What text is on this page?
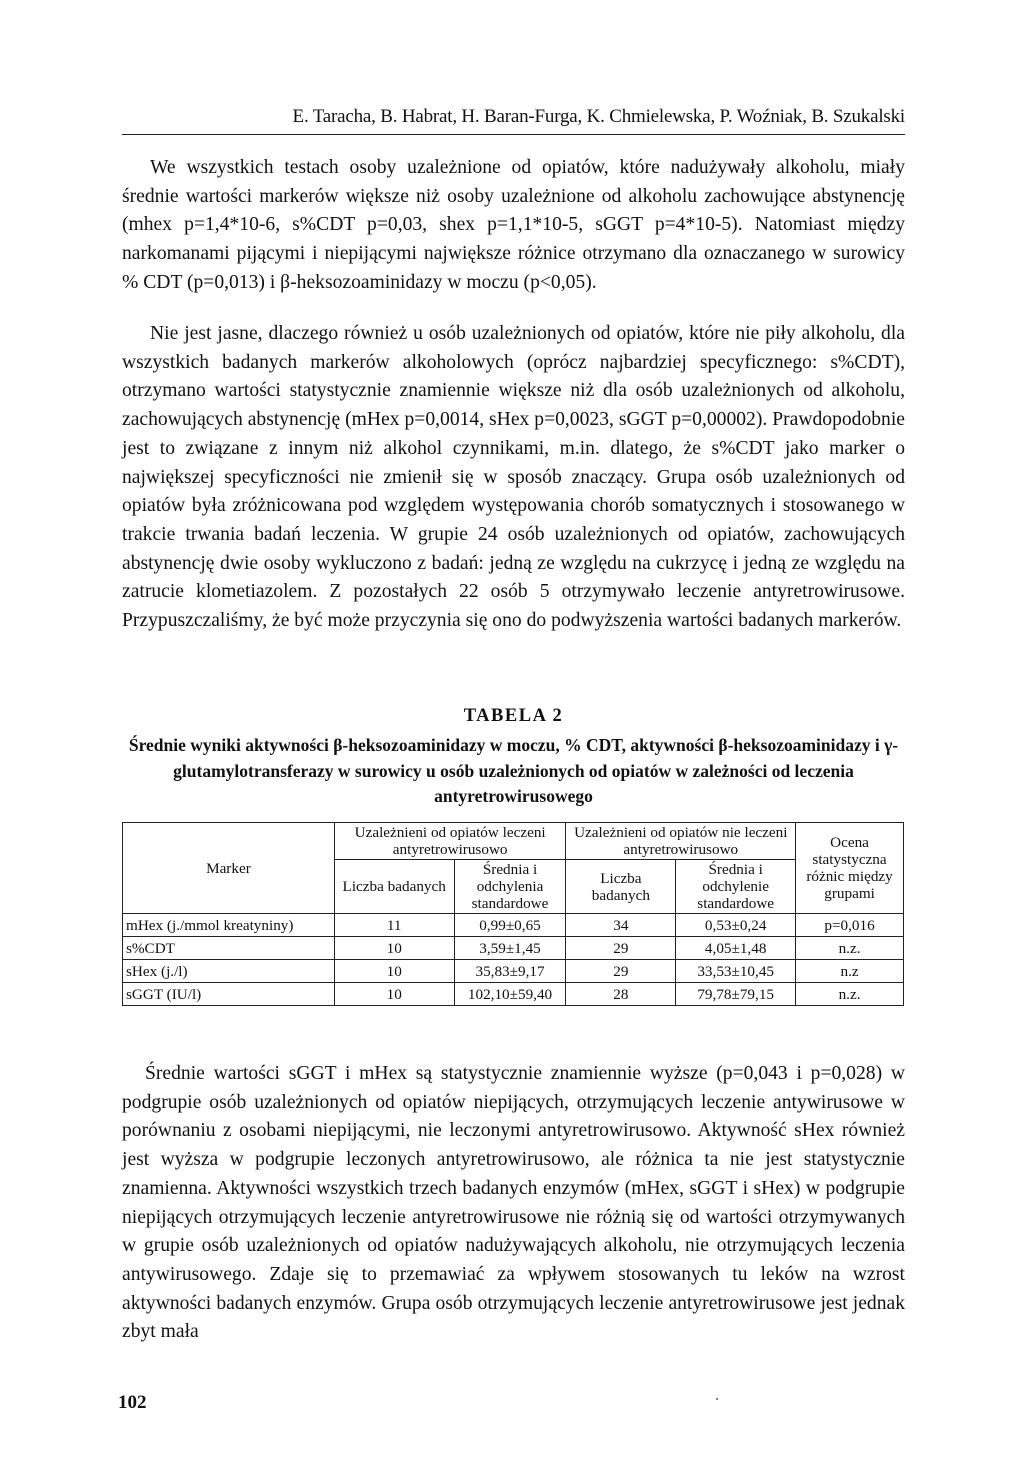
E. Taracha, B. Habrat, H. Baran-Furga, K. Chmielewska, P. Woźniak, B. Szukalski

We wszystkich testach osoby uzależnione od opiatów, które nadużywały alkoholu, miały średnie wartości markerów większe niż osoby uzależnione od alkoholu zachowujące abstynencję (mhex p=1,4*10-6, s%CDT p=0,03, shex p=1,1*10-5, sGGT p=4*10-5). Natomiast między narkomanami pijącymi i niepijącymi największe różnice otrzymano dla oznaczanego w surowicy % CDT (p=0,013) i β-heksozoaminidazy w moczu (p<0,05).

Nie jest jasne, dlaczego również u osób uzależnionych od opiatów, które nie piły alkoholu, dla wszystkich badanych markerów alkoholowych (oprócz najbardziej specyficznego: s%CDT), otrzymano wartości statystycznie znamiennie większe niż dla osób uzależnionych od alkoholu, zachowujących abstynencję (mHex p=0,0014, sHex p=0,0023, sGGT p=0,00002). Prawdopodobnie jest to związane z innym niż alkohol czynnikami, m.in. dlatego, że s%CDT jako marker o największej specyficzności nie zmienił się w sposób znaczący. Grupa osób uzależnionych od opiatów była zróżnicowana pod względem występowania chorób somatycznych i stosowanego w trakcie trwania badań leczenia. W grupie 24 osób uzależnionych od opiatów, zachowujących abstynencję dwie osoby wykluczono z badań: jedną ze względu na cukrzycę i jedną ze względu na zatrucie klometiazolem. Z pozostałych 22 osób 5 otrzymywało leczenie antyretrowirusowe. Przypuszczaliśmy, że być może przyczynia się ono do podwyższenia wartości badanych markerów.

TABELA 2
Średnie wyniki aktywności β-heksozoaminidazy w moczu, % CDT, aktywności β-heksozoaminidazy i γ-glutamylotransferazy w surowicy u osób uzależnionych od opiatów w zależności od leczenia antyretrowirusowego
Marker	Uzależnieni od opiatów leczeni antyretrowirusowo		Uzależnieni od opiatów nie leczeni antyretrowirusowo		Ocena statystyczna różnic między grupami
	Liczba badanych	Średnia i odchylenia standardowe	Liczba badanych	Średnia i odchylenie standardowe	
mHex (j./mmol kreatyniny)	11	0,99±0,65	34	0,53±0,24	p=0,016
s%CDT	10	3,59±1,45	29	4,05±1,48	n.z.
sHex (j./l)	10	35,83±9,17	29	33,53±10,45	n.z
sGGT (IU/l)	10	102,10±59,40	28	79,78±79,15	n.z.

Średnie wartości sGGT i mHex są statystycznie znamiennie wyższe (p=0,043 i p=0,028) w podgrupie osób uzależnionych od opiatów niepijących, otrzymujących leczenie antywirusowe w porównaniu z osobami niepijącymi, nie leczonymi antyretrowirusowo. Aktywność sHex również jest wyższa w podgrupie leczonych antyretrowirusowo, ale różnica ta nie jest statystycznie znamienna. Aktywności wszystkich trzech badanych enzymów (mHex, sGGT i sHex) w podgrupie niepijących otrzymujących leczenie antyretrowirusowe nie różnią się od wartości otrzymywanych w grupie osób uzależnionych od opiatów nadużywających alkoholu, nie otrzymujących leczenia antywirusowego. Zdaje się to przemawiać za wpływem stosowanych tu leków na wzrost aktywności badanych enzymów. Grupa osób otrzymujących leczenie antyretrowirusowe jest jednak zbyt mała

102
